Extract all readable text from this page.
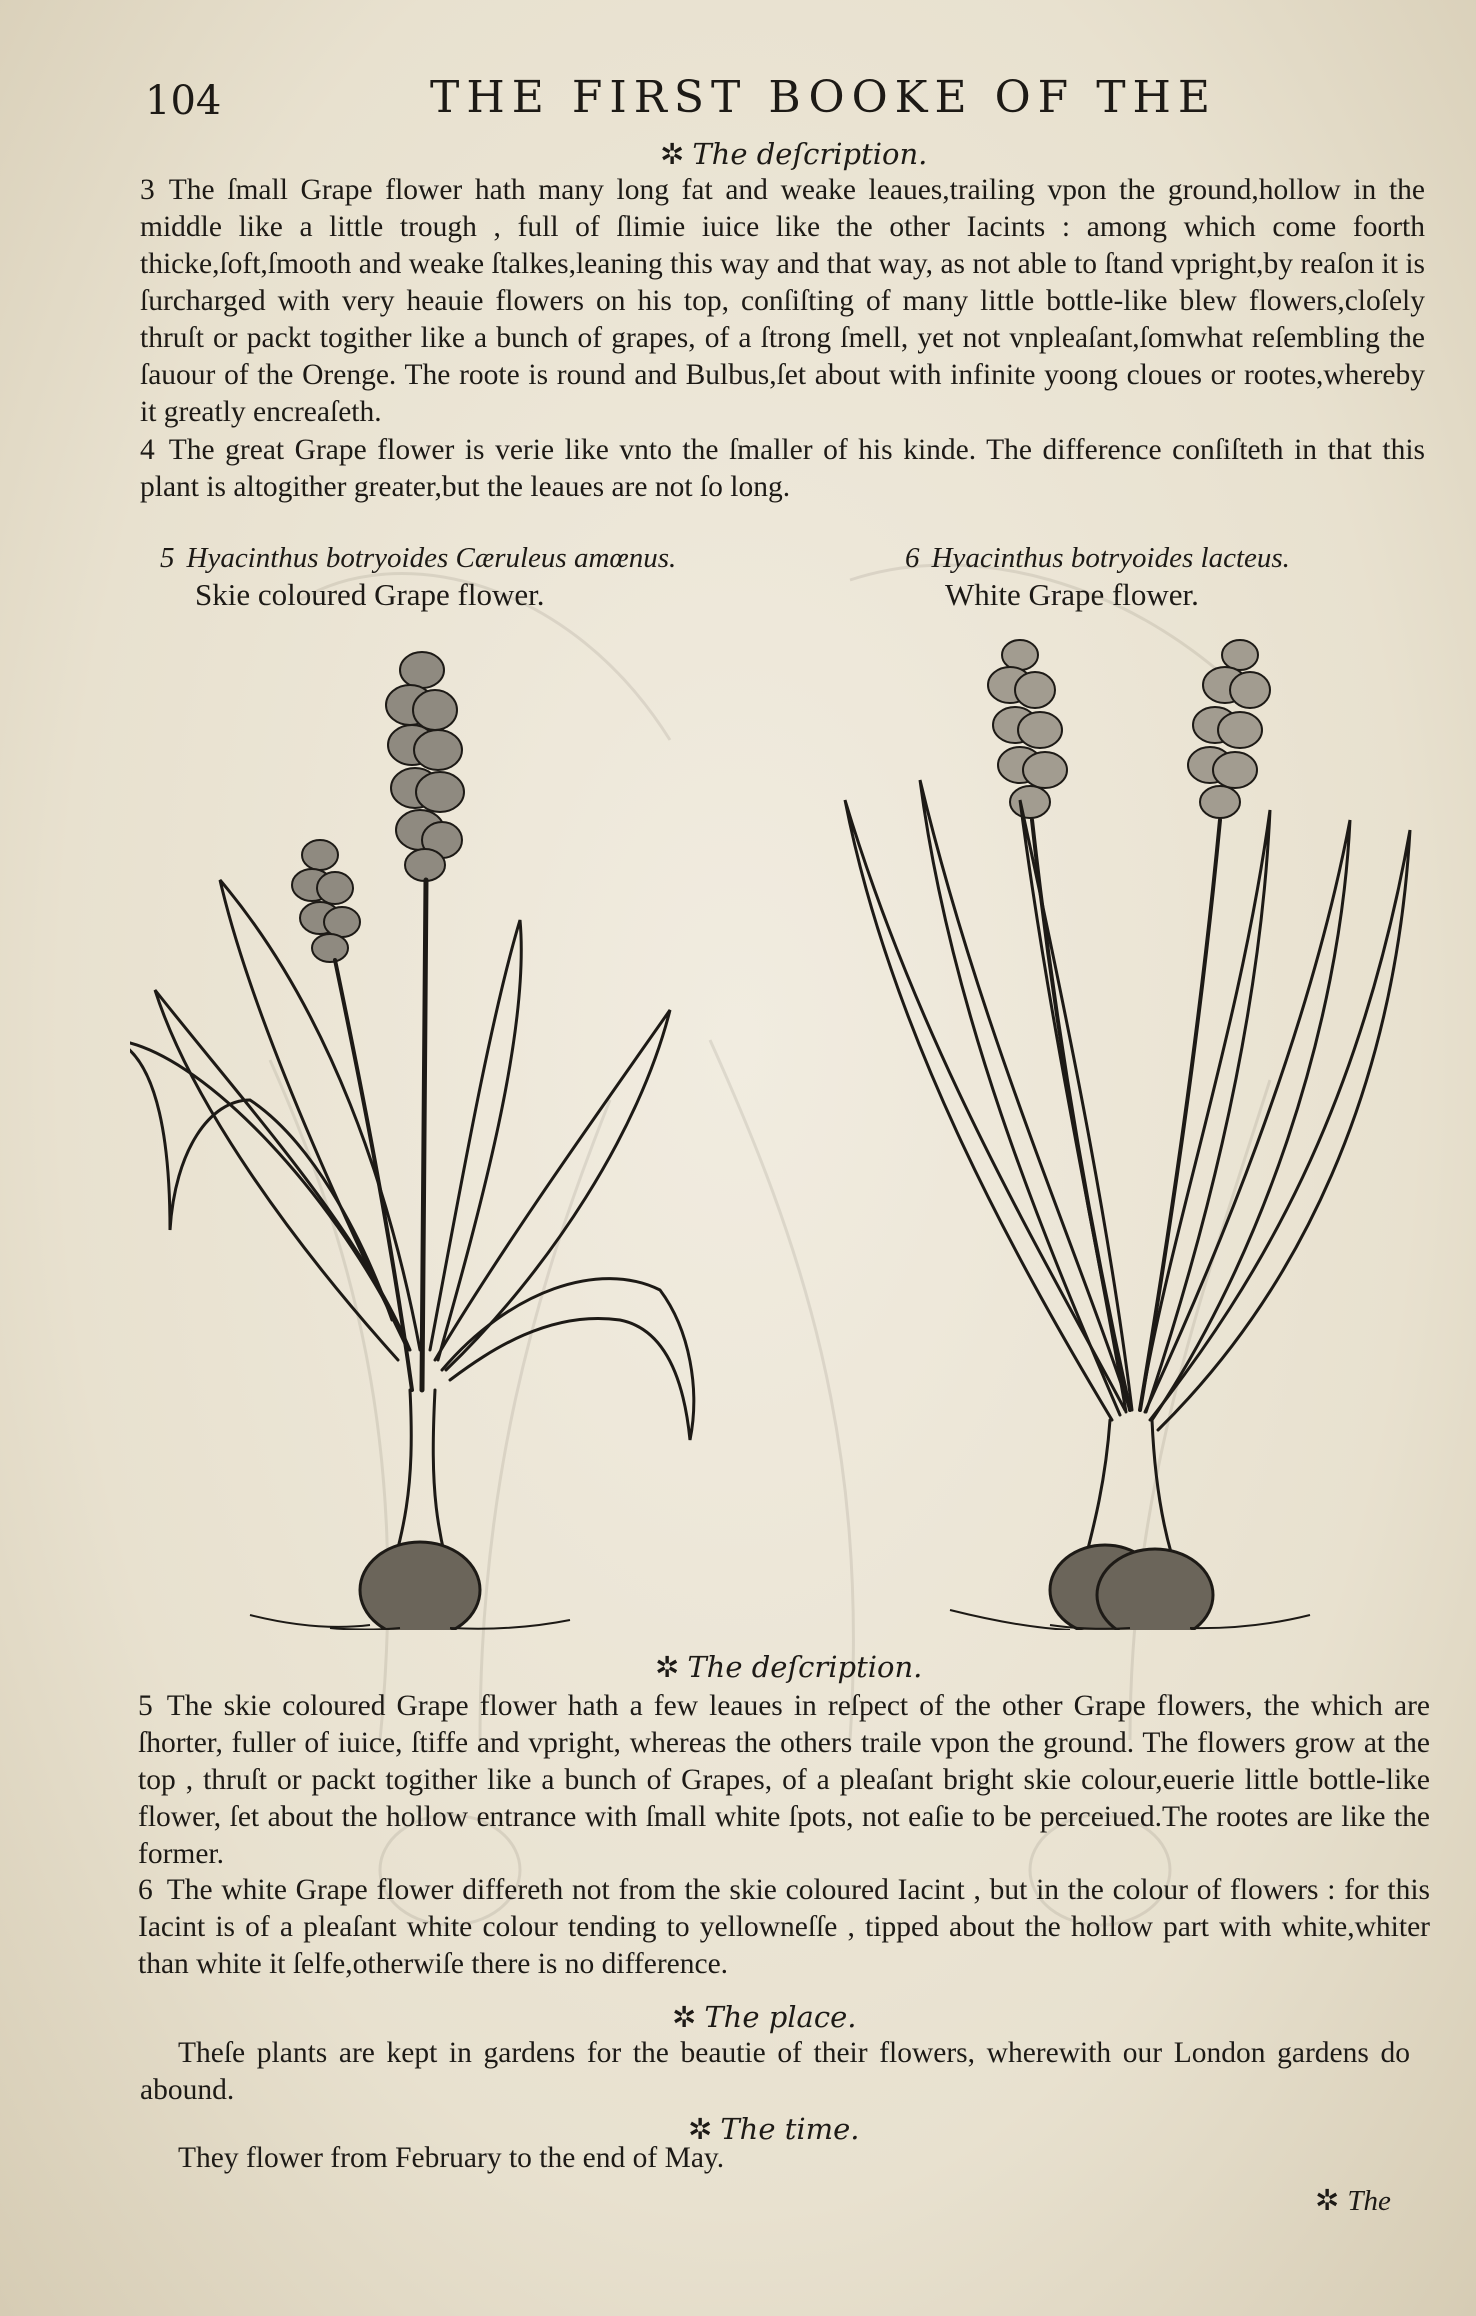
104	THE FIRST BOOKE OF THE
✲ The deſcription.
3 The ſmall Grape flower hath many long fat and weake leaues,trailing vpon the ground,hollow in the middle like a little trough , full of ſlimie iuice like the other Iacints : among which come foorth thicke,ſoft,ſmooth and weake ſtalkes,leaning this way and that way, as not able to ſtand vpright,by reaſon it is ſurcharged with very heauie flowers on his top, conſiſting of many little bottle-like blew flowers,cloſely thruſt or packt togither like a bunch of grapes, of a ſtrong ſmell, yet not vnpleaſant,ſomwhat reſembling the ſauour of the Orenge. The roote is round and Bulbus,ſet about with infinite yoong cloues or rootes,whereby it greatly encreaſeth.
4 The great Grape flower is verie like vnto the ſmaller of his kinde. The difference conſiſteth in that this plant is altogither greater,but the leaues are not ſo long.
5 Hyacinthus botryoides Cæruleus amœnus.
Skie coloured Grape flower.
6 Hyacinthus botryoides lacteus.
White Grape flower.
✲ The deſcription.
5 The skie coloured Grape flower hath a few leaues in reſpect of the other Grape flowers, the which are ſhorter, fuller of iuice, ſtiffe and vpright, whereas the others traile vpon the ground. The flowers grow at the top , thruſt or packt togither like a bunch of Grapes, of a pleaſant bright skie colour,euerie little bottle-like flower, ſet about the hollow entrance with ſmall white ſpots, not eaſie to be perceiued.The rootes are like the former.
6 The white Grape flower differeth not from the skie coloured Iacint , but in the colour of flowers : for this Iacint is of a pleaſant white colour tending to yellowneſſe , tipped about the hollow part with white,whiter than white it ſelfe,otherwiſe there is no difference.
✲ The place.
Theſe plants are kept in gardens for the beautie of their flowers, wherewith our London gardens do abound.
✲ The time.
They flower from February to the end of May.
✲ The
